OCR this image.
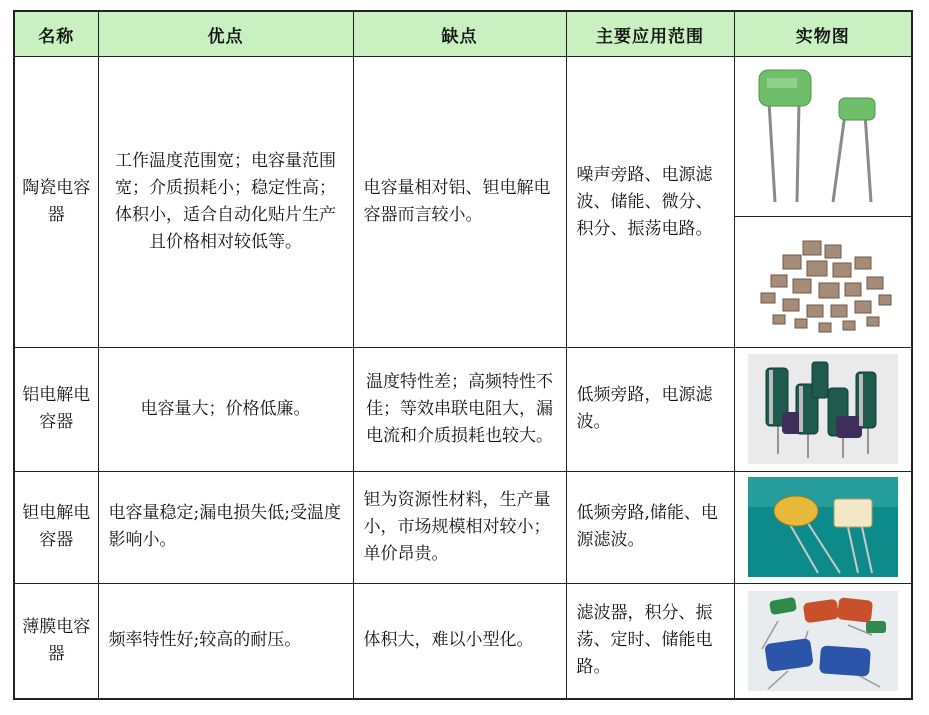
名称	优点	缺点	主要应用范围	实物图
陶瓷电容器	工作温度范围宽；电容量范围宽；介质损耗小；稳定性高；体积小，适合自动化贴片生产且价格相对较低等。	电容量相对铝、钽电解电容器而言较小。	噪声旁路、电源滤波、储能、微分、积分、振荡电路。	

铝电解电容器	电容量大；价格低廉。	温度特性差；高频特性不佳；等效串联电阻大，漏电流和介质损耗也较大。	低频旁路，电源滤波。	

钽电解电容器	电容量稳定;漏电损失低;受温度影响小。	钽为资源性材料，生产量小，市场规模相对较小；单价昂贵。	低频旁路,储能、电源滤波。	

薄膜电容器	频率特性好;较高的耐压。	体积大，难以小型化。	滤波器，积分、振荡、定时、储能电路。	
